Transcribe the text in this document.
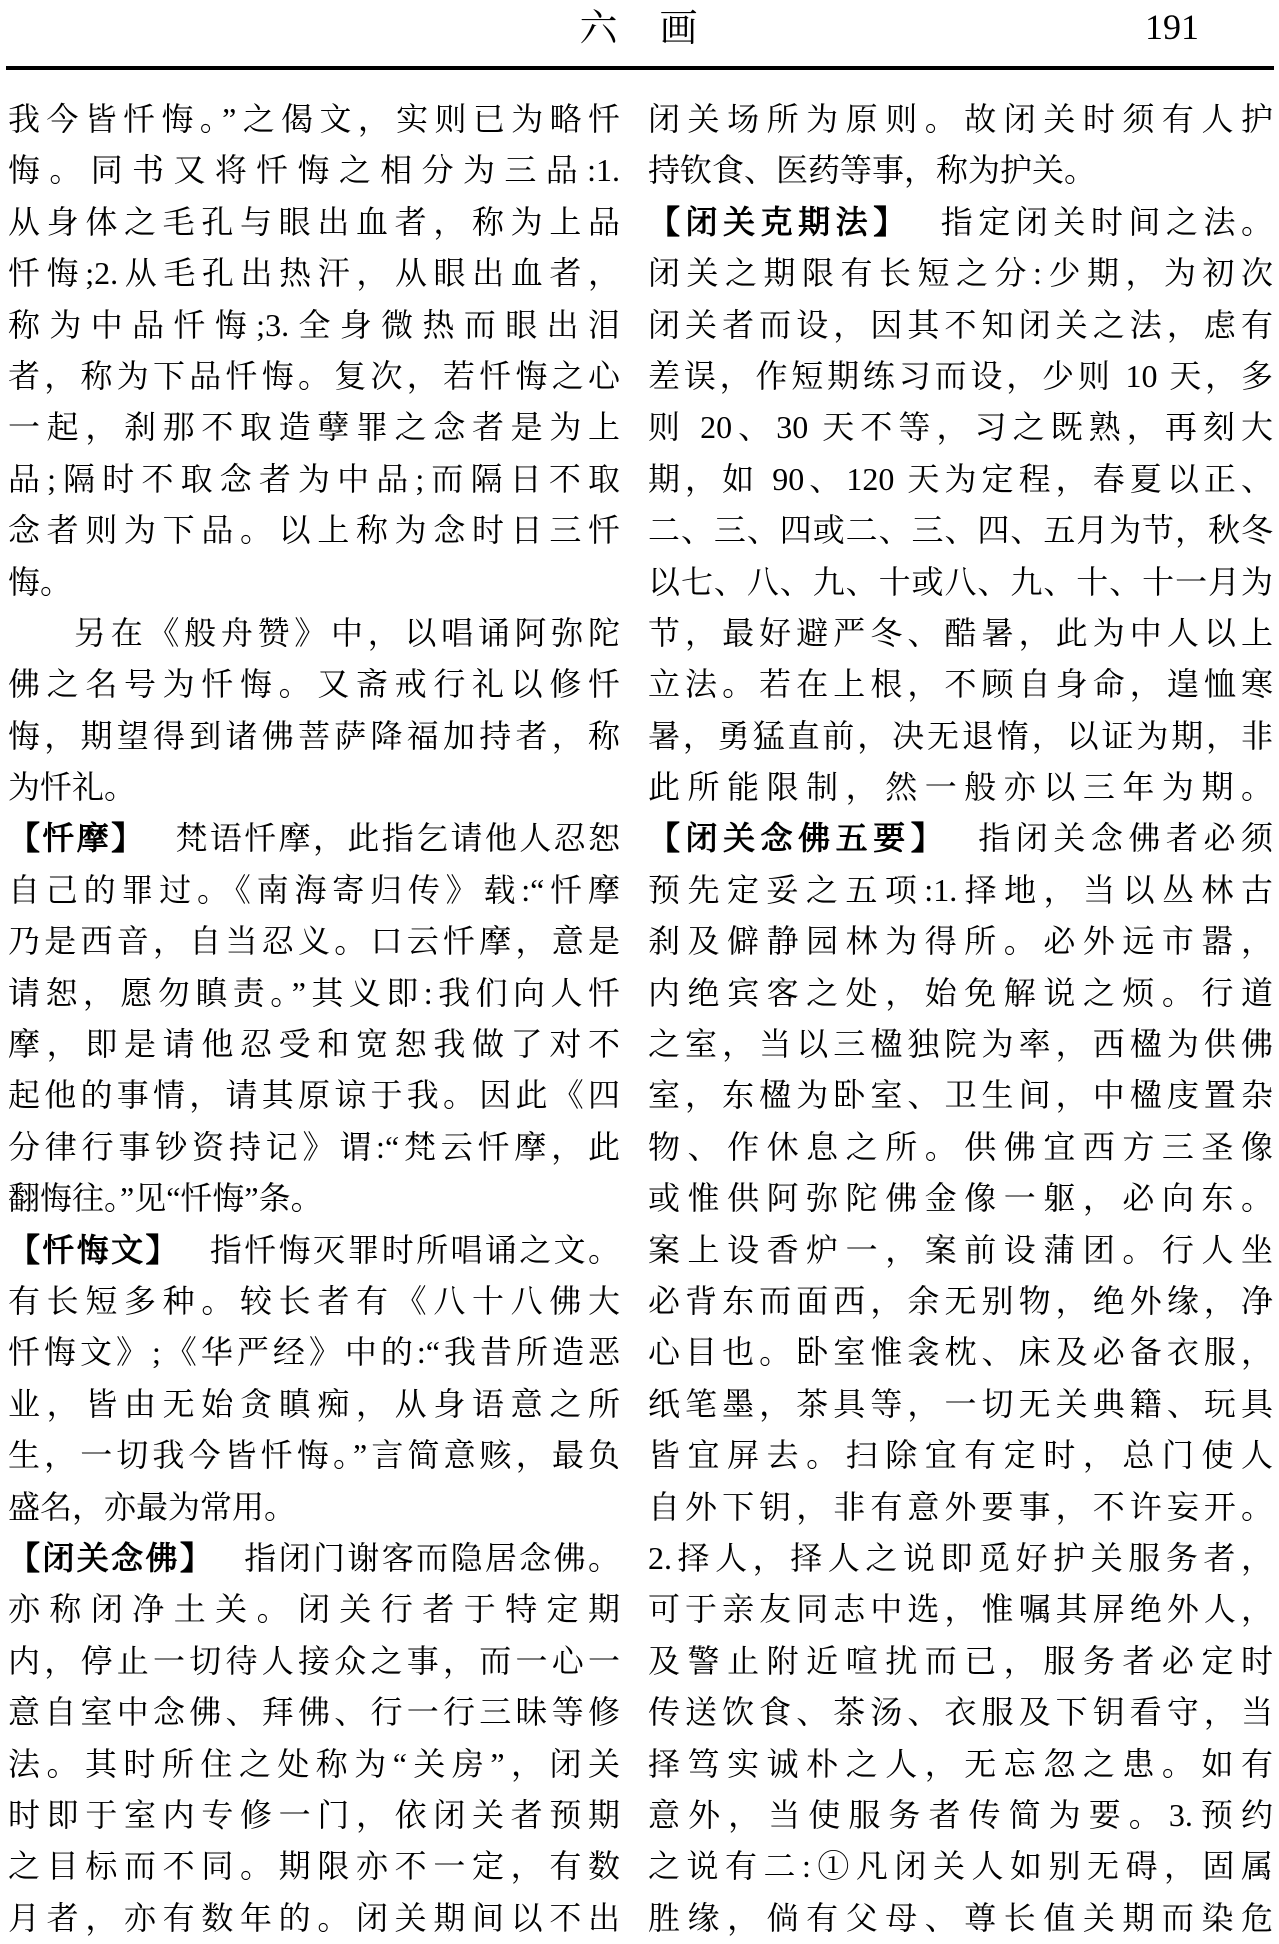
六　画	191
我今皆忏悔。”之偈文，实则已为略忏
悔。同书又将忏悔之相分为三品:1.
从身体之毛孔与眼出血者，称为上品
忏悔;2.从毛孔出热汗，从眼出血者，
称为中品忏悔;3.全身微热而眼出泪
者，称为下品忏悔。复次，若忏悔之心
一起，刹那不取造孽罪之念者是为上
品;隔时不取念者为中品;而隔日不取
念者则为下品。以上称为念时日三忏
悔。
另在《般舟赞》中，以唱诵阿弥陀
佛之名号为忏悔。又斋戒行礼以修忏
悔，期望得到诸佛菩萨降福加持者，称
为忏礼。
【忏摩】 梵语忏摩，此指乞请他人忍恕
自己的罪过。《南海寄归传》载:“忏摩
乃是西音，自当忍义。口云忏摩，意是
请恕，愿勿瞋责。”其义即:我们向人忏
摩，即是请他忍受和宽恕我做了对不
起他的事情，请其原谅于我。因此《四
分律行事钞资持记》谓:“梵云忏摩，此
翻悔往。”见“忏悔”条。
【忏悔文】 指忏悔灭罪时所唱诵之文。
有长短多种。较长者有《八十八佛大
忏悔文》;《华严经》中的:“我昔所造恶
业，皆由无始贪瞋痴，从身语意之所
生，一切我今皆忏悔。”言简意赅，最负
盛名，亦最为常用。
【闭关念佛】 指闭门谢客而隐居念佛。
亦称闭净土关。闭关行者于特定期
内，停止一切待人接众之事，而一心一
意自室中念佛、拜佛、行一行三昧等修
法。其时所住之处称为“关房”，闭关
时即于室内专修一门，依闭关者预期
之目标而不同。期限亦不一定，有数
月者，亦有数年的。闭关期间以不出
闭关场所为原则。故闭关时须有人护
持钦食、医药等事，称为护关。
【闭关克期法】 指定闭关时间之法。
闭关之期限有长短之分:少期，为初次
闭关者而设，因其不知闭关之法，虑有
差误，作短期练习而设，少则 10 天，多
则 20、30 天不等，习之既熟，再刻大
期，如 90、120 天为定程，春夏以正、
二、三、四或二、三、四、五月为节，秋冬
以七、八、九、十或八、九、十、十一月为
节，最好避严冬、酷暑，此为中人以上
立法。若在上根，不顾自身命，遑恤寒
暑，勇猛直前，决无退惰，以证为期，非
此所能限制，然一般亦以三年为期。
【闭关念佛五要】 指闭关念佛者必须
预先定妥之五项:1.择地，当以丛林古
刹及僻静园林为得所。必外远市嚣，
内绝宾客之处，始免解说之烦。行道
之室，当以三楹独院为率，西楹为供佛
室，东楹为卧室、卫生间，中楹庋置杂
物、作休息之所。供佛宜西方三圣像
或惟供阿弥陀佛金像一躯，必向东。
案上设香炉一，案前设蒲团。行人坐
必背东而面西，余无别物，绝外缘，净
心目也。卧室惟衾枕、床及必备衣服，
纸笔墨，茶具等，一切无关典籍、玩具
皆宜屏去。扫除宜有定时，总门使人
自外下钥，非有意外要事，不许妄开。
2.择人，择人之说即觅好护关服务者，
可于亲友同志中选，惟嘱其屏绝外人，
及警止附近喧扰而已，服务者必定时
传送饮食、茶汤、衣服及下钥看守，当
择笃实诚朴之人，无忘忽之患。如有
意外，当使服务者传简为要。3.预约
之说有二:①凡闭关人如别无碍，固属
胜缘，倘有父母、尊长值关期而染危
